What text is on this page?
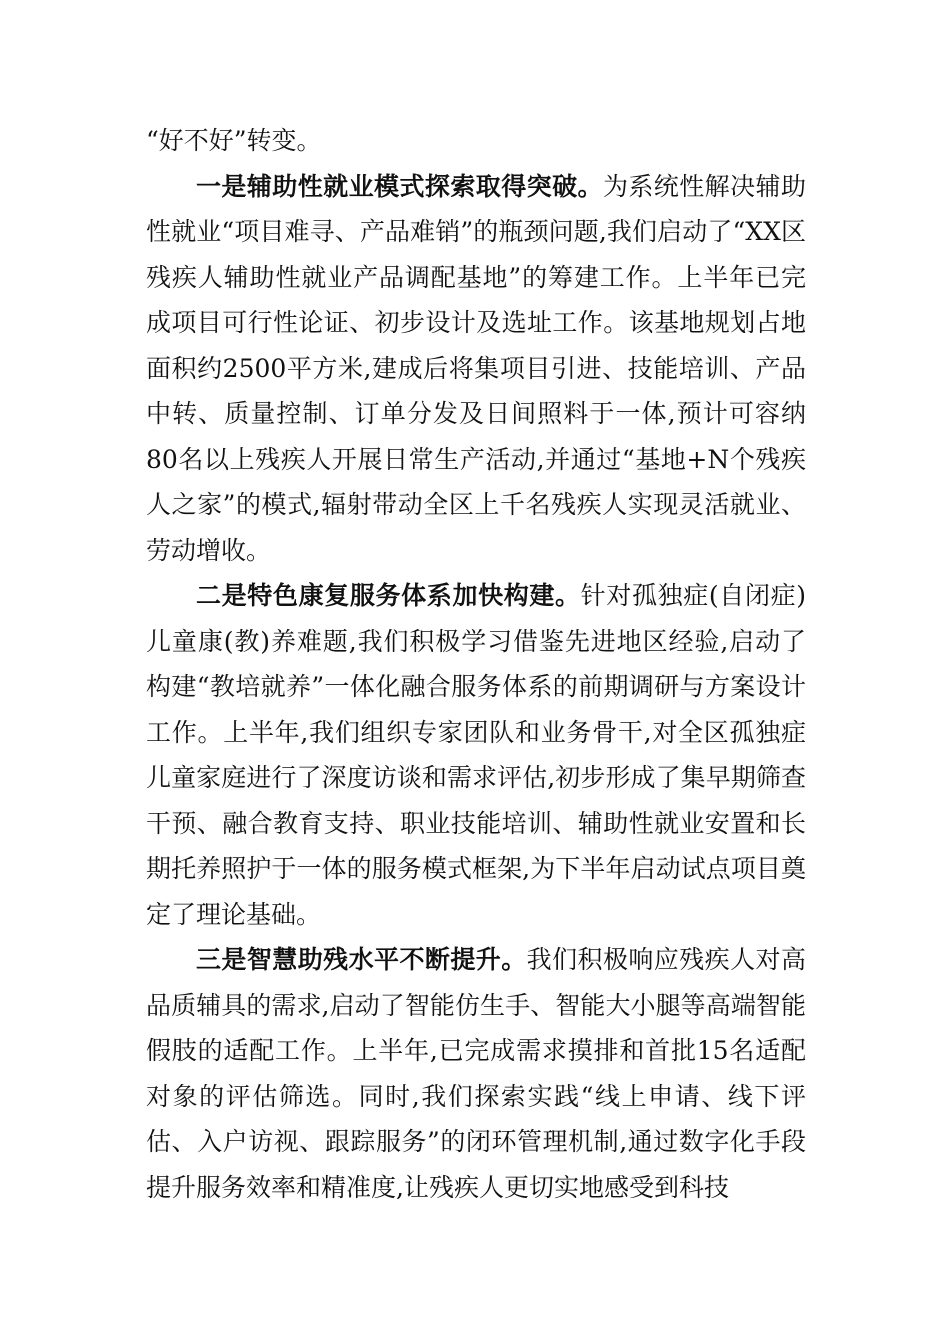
“好不好”转变。

一是辅助性就业模式探索取得突破。为系统性解决辅助性就业“项目难寻、产品难销”的瓶颈问题,我们启动了“XX区残疾人辅助性就业产品调配基地”的筹建工作。上半年已完成项目可行性论证、初步设计及选址工作。该基地规划占地面积约2500平方米,建成后将集项目引进、技能培训、产品中转、质量控制、订单分发及日间照料于一体,预计可容纳80名以上残疾人开展日常生产活动,并通过“基地+N个残疾人之家”的模式,辐射带动全区上千名残疾人实现灵活就业、劳动增收。

二是特色康复服务体系加快构建。针对孤独症(自闭症)儿童康(教)养难题,我们积极学习借鉴先进地区经验,启动了构建“教培就养”一体化融合服务体系的前期调研与方案设计工作。上半年,我们组织专家团队和业务骨干,对全区孤独症儿童家庭进行了深度访谈和需求评估,初步形成了集早期筛查干预、融合教育支持、职业技能培训、辅助性就业安置和长期托养照护于一体的服务模式框架,为下半年启动试点项目奠定了理论基础。

三是智慧助残水平不断提升。我们积极响应残疾人对高品质辅具的需求,启动了智能仿生手、智能大小腿等高端智能假肢的适配工作。上半年,已完成需求摸排和首批15名适配对象的评估筛选。同时,我们探索实践“线上申请、线下评估、入户访视、跟踪服务”的闭环管理机制,通过数字化手段提升服务效率和精准度,让残疾人更切实地感受到科技
